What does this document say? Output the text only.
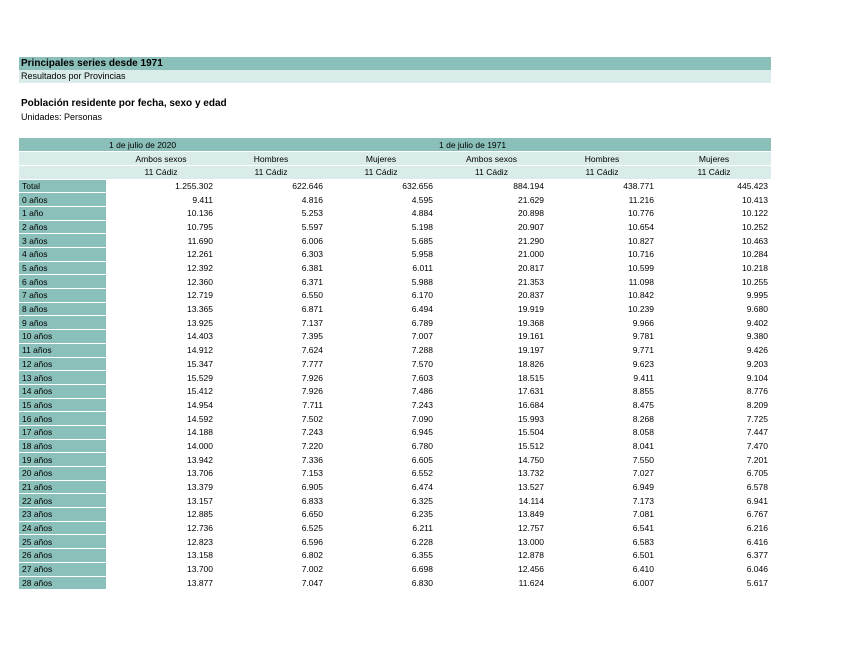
Principales series desde 1971
Resultados por Provincias
Población residente por fecha, sexo y edad
Unidades: Personas
	1 de julio de 2020			1 de julio de 1971		
	Ambos sexos	Hombres	Mujeres	Ambos sexos	Hombres	Mujeres
	11 Cádiz	11 Cádiz	11 Cádiz	11 Cádiz	11 Cádiz	11 Cádiz
Total	1.255.302	622.646	632.656	884.194	438.771	445.423
0 años	9.411	4.816	4.595	21.629	11.216	10.413
1 año	10.136	5.253	4.884	20.898	10.776	10.122
2 años	10.795	5.597	5.198	20.907	10.654	10.252
3 años	11.690	6.006	5.685	21.290	10.827	10.463
4 años	12.261	6.303	5.958	21.000	10.716	10.284
5 años	12.392	6.381	6.011	20.817	10.599	10.218
6 años	12.360	6.371	5.988	21.353	11.098	10.255
7 años	12.719	6.550	6.170	20.837	10.842	9.995
8 años	13.365	6.871	6.494	19.919	10.239	9.680
9 años	13.925	7.137	6.789	19.368	9.966	9.402
10 años	14.403	7.395	7.007	19.161	9.781	9.380
11 años	14.912	7.624	7.288	19.197	9.771	9.426
12 años	15.347	7.777	7.570	18.826	9.623	9.203
13 años	15.529	7.926	7.603	18.515	9.411	9.104
14 años	15.412	7.926	7.486	17.631	8.855	8.776
15 años	14.954	7.711	7.243	16.684	8.475	8.209
16 años	14.592	7.502	7.090	15.993	8.268	7.725
17 años	14.188	7.243	6.945	15.504	8.058	7.447
18 años	14.000	7.220	6.780	15.512	8.041	7.470
19 años	13.942	7.336	6.605	14.750	7.550	7.201
20 años	13.706	7.153	6.552	13.732	7.027	6.705
21 años	13.379	6.905	6.474	13.527	6.949	6.578
22 años	13.157	6.833	6.325	14.114	7.173	6.941
23 años	12.885	6.650	6.235	13.849	7.081	6.767
24 años	12.736	6.525	6.211	12.757	6.541	6.216
25 años	12.823	6.596	6.228	13.000	6.583	6.416
26 años	13.158	6.802	6.355	12.878	6.501	6.377
27 años	13.700	7.002	6.698	12.456	6.410	6.046
28 años	13.877	7.047	6.830	11.624	6.007	5.617
